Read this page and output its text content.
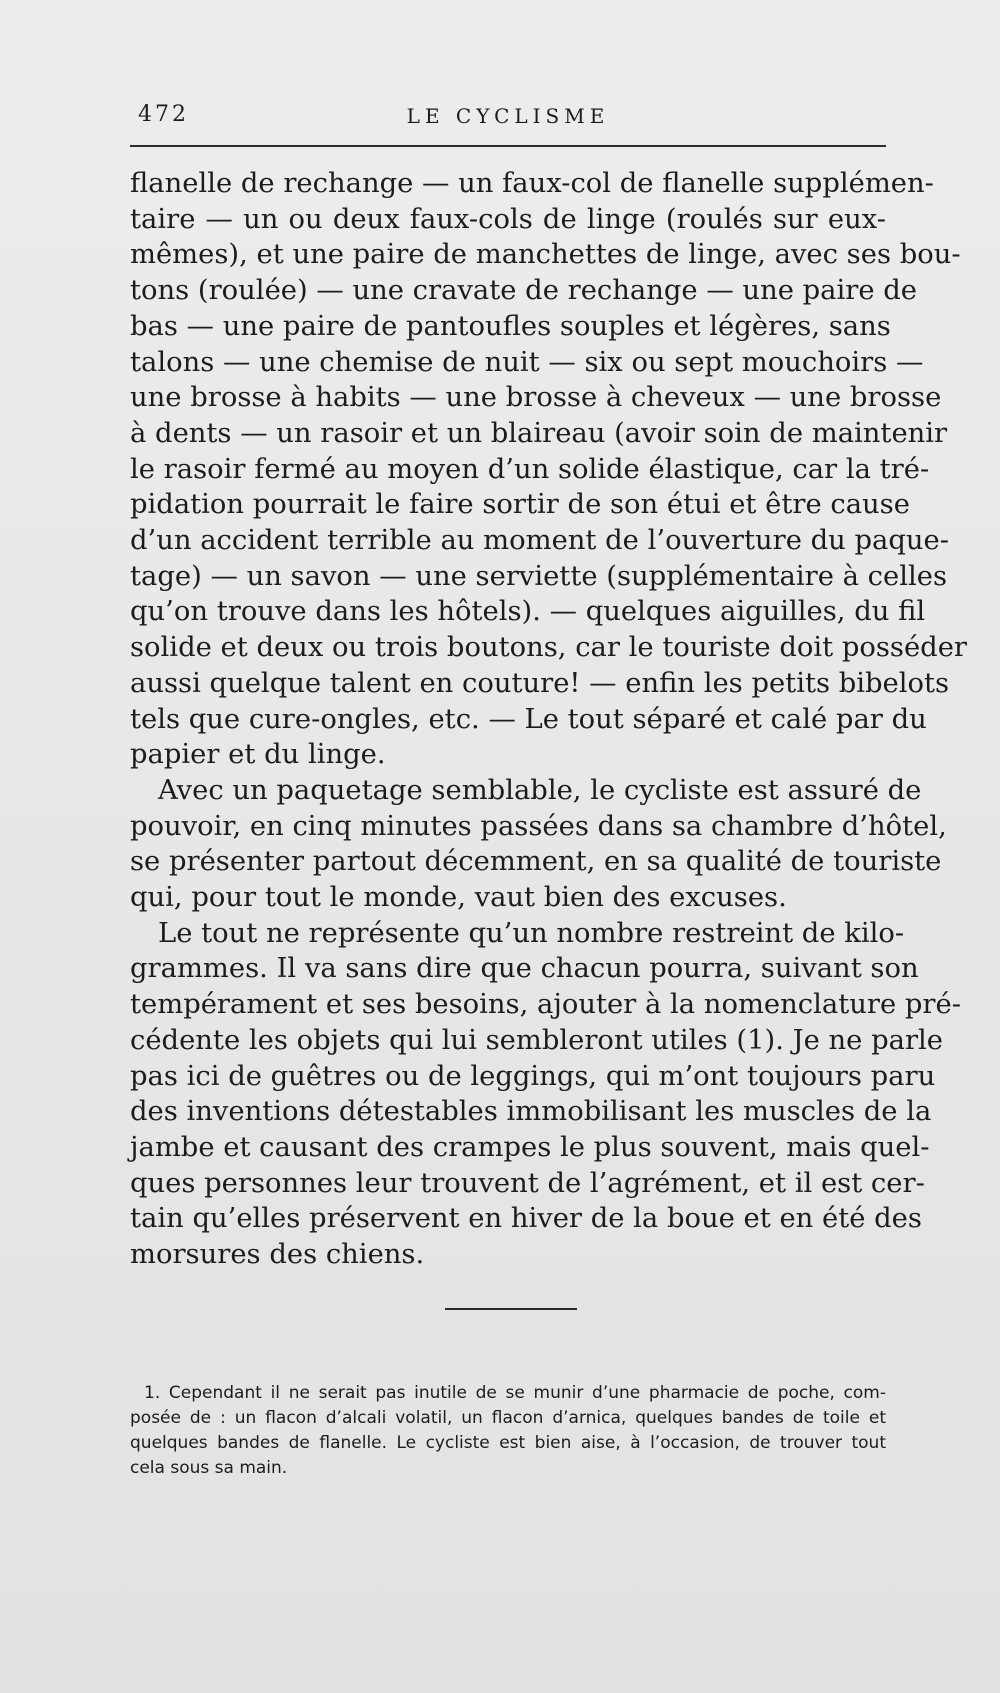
472	LE CYCLISME
flanelle de rechange — un faux-col de flanelle supplémen-
taire — un ou deux faux-cols de linge (roulés sur eux-
mêmes), et une paire de manchettes de linge, avec ses bou-
tons (roulée) — une cravate de rechange — une paire de
bas — une paire de pantoufles souples et légères, sans
talons — une chemise de nuit — six ou sept mouchoirs —
une brosse à habits — une brosse à cheveux — une brosse
à dents — un rasoir et un blaireau (avoir soin de maintenir
le rasoir fermé au moyen d’un solide élastique, car la tré-
pidation pourrait le faire sortir de son étui et être cause
d’un accident terrible au moment de l’ouverture du paque-
tage) — un savon — une serviette (supplémentaire à celles
qu’on trouve dans les hôtels). — quelques aiguilles, du fil
solide et deux ou trois boutons, car le touriste doit posséder
aussi quelque talent en couture! — enfin les petits bibelots
tels que cure-ongles, etc. — Le tout séparé et calé par du
papier et du linge.
Avec un paquetage semblable, le cycliste est assuré de
pouvoir, en cinq minutes passées dans sa chambre d’hôtel,
se présenter partout décemment, en sa qualité de touriste
qui, pour tout le monde, vaut bien des excuses.
Le tout ne représente qu’un nombre restreint de kilo-
grammes. Il va sans dire que chacun pourra, suivant son
tempérament et ses besoins, ajouter à la nomenclature pré-
cédente les objets qui lui sembleront utiles (1). Je ne parle
pas ici de guêtres ou de leggings, qui m’ont toujours paru
des inventions détestables immobilisant les muscles de la
jambe et causant des crampes le plus souvent, mais quel-
ques personnes leur trouvent de l’agrément, et il est cer-
tain qu’elles préservent en hiver de la boue et en été des
morsures des chiens.
1. Cependant il ne serait pas inutile de se munir d’une pharmacie de poche, com-
posée de : un flacon d’alcali volatil, un flacon d’arnica, quelques bandes de toile et
quelques bandes de flanelle. Le cycliste est bien aise, à l’occasion, de trouver tout
cela sous sa main.
